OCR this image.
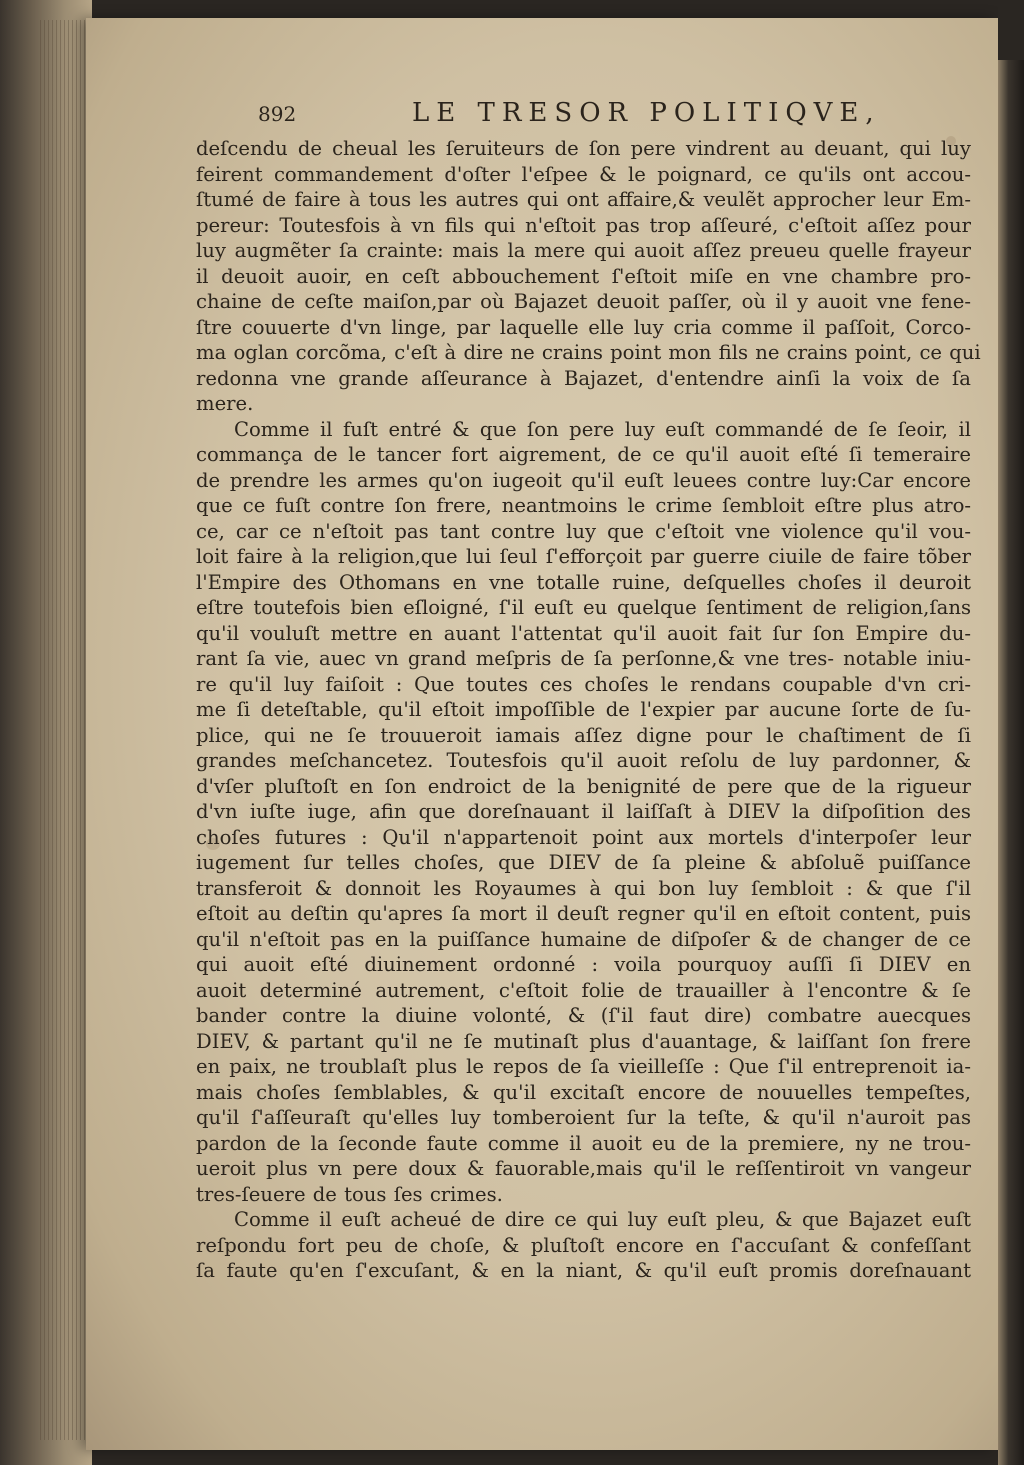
892	LE TRESOR POLITIQVE,
deſcendu de cheual les ſeruiteurs de ſon pere vindrent au deuant, qui luy
feirent commandement d'oſter l'eſpee & le poignard, ce qu'ils ont accou-
ſtumé de faire à tous les autres qui ont affaire,& veulẽt approcher leur Em-
pereur: Toutesfois à vn fils qui n'eſtoit pas trop aſſeuré, c'eſtoit aſſez pour
luy augmẽter ſa crainte: mais la mere qui auoit aſſez preueu quelle frayeur
il deuoit auoir, en ceſt abbouchement ſ'eſtoit miſe en vne chambre pro-
chaine de ceſte maiſon,par où Bajazet deuoit paſſer, où il y auoit vne fene-
ſtre couuerte d'vn linge, par laquelle elle luy cria comme il paſſoit, Corco-
ma oglan corcõma, c'eſt à dire ne crains point mon fils ne crains point, ce qui
redonna vne grande aſſeurance à Bajazet, d'entendre ainſi la voix de ſa
mere.
Comme il fuſt entré & que ſon pere luy euſt commandé de ſe ſeoir, il
commança de le tancer fort aigrement, de ce qu'il auoit eſté ſi temeraire
de prendre les armes qu'on iugeoit qu'il euſt leuees contre luy:Car encore
que ce fuſt contre ſon frere, neantmoins le crime ſembloit eſtre plus atro-
ce, car ce n'eſtoit pas tant contre luy que c'eſtoit vne violence qu'il vou-
loit faire à la religion,que lui ſeul ſ'efforçoit par guerre ciuile de faire tõber
l'Empire des Othomans en vne totalle ruine, deſquelles choſes il deuroit
eſtre toutefois bien eſloigné, ſ'il euſt eu quelque ſentiment de religion,ſans
qu'il vouluſt mettre en auant l'attentat qu'il auoit fait ſur ſon Empire du-
rant ſa vie, auec vn grand meſpris de ſa perſonne,& vne tres- notable iniu-
re qu'il luy faiſoit : Que toutes ces choſes le rendans coupable d'vn cri-
me ſi deteſtable, qu'il eſtoit impoſſible de l'expier par aucune ſorte de ſu-
plice, qui ne ſe trouueroit iamais aſſez digne pour le chaſtiment de ſi
grandes meſchancetez. Toutesfois qu'il auoit reſolu de luy pardonner, &
d'vſer pluſtoſt en ſon endroict de la benignité de pere que de la rigueur
d'vn iuſte iuge, afin que doreſnauant il laiſſaſt à DIEV la diſpoſition des
choſes futures : Qu'il n'appartenoit point aux mortels d'interpoſer leur
iugement ſur telles choſes, que DIEV de ſa pleine & abſoluẽ puiſſance
transferoit & donnoit les Royaumes à qui bon luy ſembloit : & que ſ'il
eſtoit au deſtin qu'apres ſa mort il deuſt regner qu'il en eſtoit content, puis
qu'il n'eſtoit pas en la puiſſance humaine de diſpoſer & de changer de ce
qui auoit eſté diuinement ordonné : voila pourquoy auſſi ſi DIEV en
auoit determiné autrement, c'eſtoit folie de trauailler à l'encontre & ſe
bander contre la diuine volonté, & (ſ'il faut dire) combatre auecques
DIEV, & partant qu'il ne ſe mutinaſt plus d'auantage, & laiſſant ſon frere
en paix, ne troublaſt plus le repos de ſa vieilleſſe : Que ſ'il entreprenoit ia-
mais choſes ſemblables, & qu'il excitaſt encore de nouuelles tempeſtes,
qu'il ſ'aſſeuraſt qu'elles luy tomberoient ſur la teſte, & qu'il n'auroit pas
pardon de la ſeconde faute comme il auoit eu de la premiere, ny ne trou-
ueroit plus vn pere doux & fauorable,mais qu'il le reſſentiroit vn vangeur
tres-ſeuere de tous ſes crimes.
Comme il euſt acheué de dire ce qui luy euſt pleu, & que Bajazet euſt
reſpondu fort peu de choſe, & pluſtoſt encore en ſ'accuſant & confeſſant
ſa faute qu'en ſ'excuſant, & en la niant, & qu'il euſt promis doreſnauant
